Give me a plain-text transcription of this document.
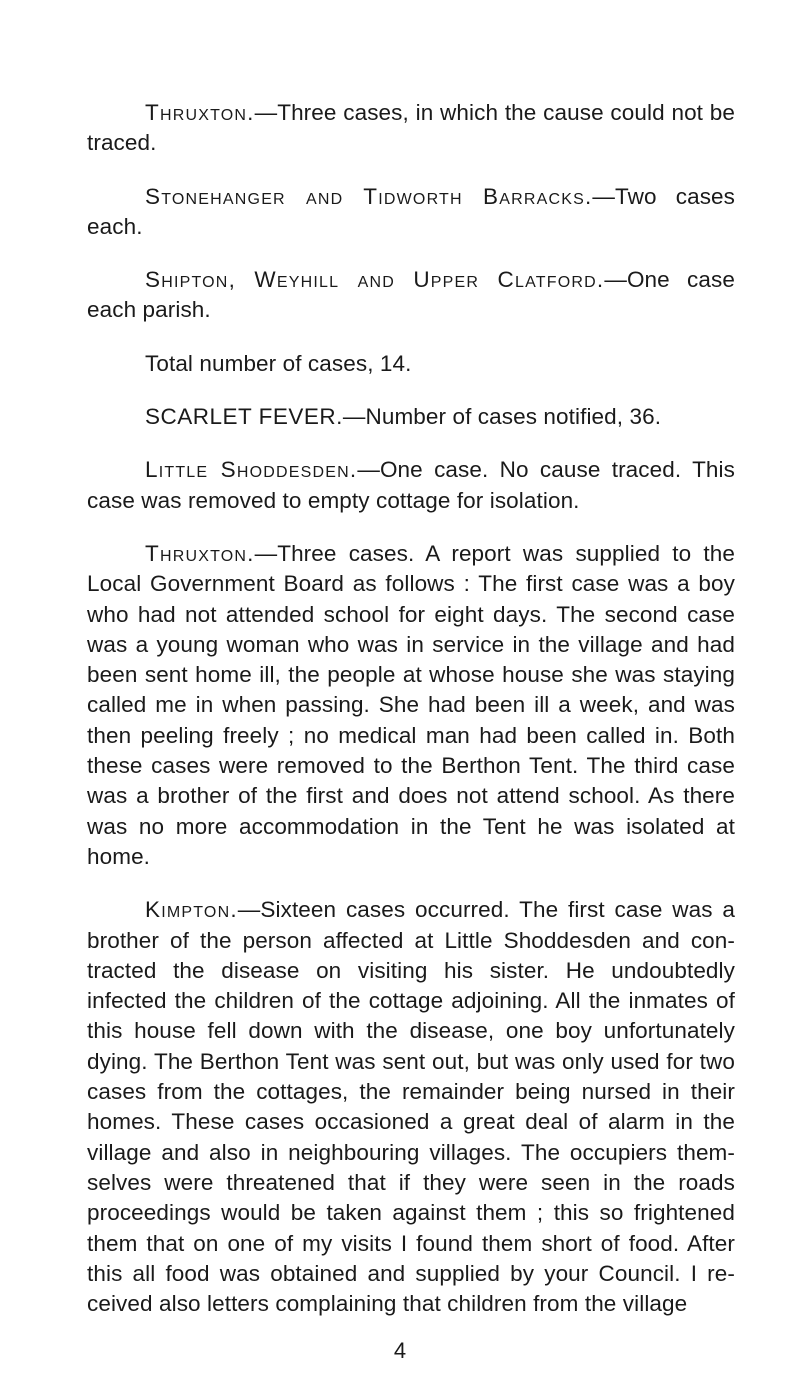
Thruxton.—Three cases, in which the cause could not be traced.

Stonehanger and Tidworth Barracks.—Two cases each.

Shipton, Weyhill and Upper Clatford.—One case each parish.

Total number of cases, 14.

SCARLET FEVER.—Number of cases notified, 36.

Little Shoddesden.—One case. No cause traced. This case was removed to empty cottage for isolation.

Thruxton.—Three cases. A report was supplied to the Local Government Board as follows : The first case was a boy who had not attended school for eight days. The second case was a young woman who was in service in the village and had been sent home ill, the people at whose house she was staying called me in when passing. She had been ill a week, and was then peeling freely ; no medical man had been called in. Both these cases were removed to the Berthon Tent. The third case was a brother of the first and does not attend school. As there was no more accommodation in the Tent he was isolated at home.

Kimpton.—Sixteen cases occurred. The first case was a brother of the person affected at Little Shoddesden and con- tracted the disease on visiting his sister. He undoubtedly infected the children of the cottage adjoining. All the inmates of this house fell down with the disease, one boy unfortunately dying. The Berthon Tent was sent out, but was only used for two cases from the cottages, the remainder being nursed in their homes. These cases occasioned a great deal of alarm in the village and also in neighbouring villages. The occupiers them- selves were threatened that if they were seen in the roads proceedings would be taken against them ; this so frightened them that on one of my visits I found them short of food. After this all food was obtained and supplied by your Council. I re- ceived also letters complaining that children from the village

4
